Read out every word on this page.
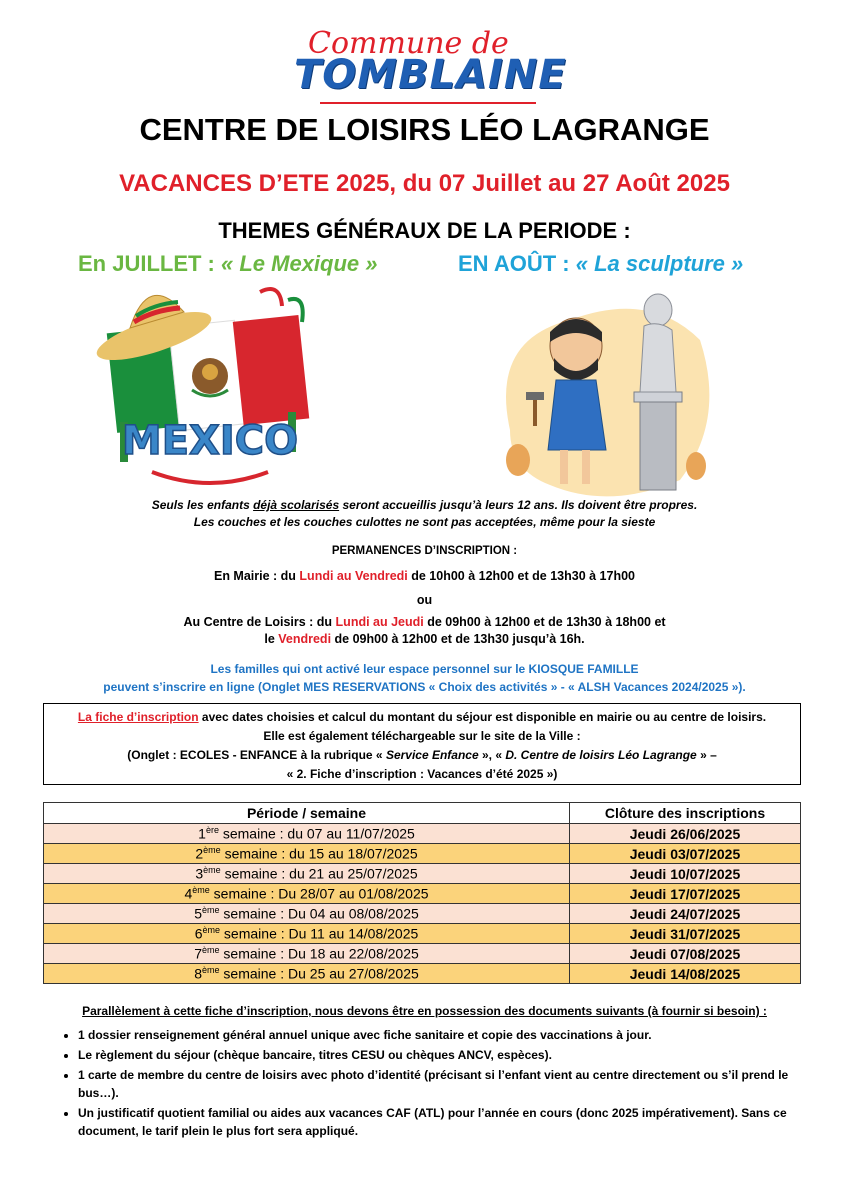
Commune de
TOMBLAINE
CENTRE DE LOISIRS LÉO LAGRANGE
VACANCES D’ETE 2025, du 07 Juillet au 27 Août 2025
THEMES GÉNÉRAUX DE LA PERIODE :
En JUILLET : « Le Mexique »	EN AOÛT : « La sculpture »
MEXICO
Seuls les enfants déjà scolarisés seront accueillis jusqu’à leurs 12 ans. Ils doivent être propres.
Les couches et les couches culottes ne sont pas acceptées, même pour la sieste
PERMANENCES D’INSCRIPTION :
En Mairie : du Lundi au Vendredi de 10h00 à 12h00 et de 13h30 à 17h00
ou
Au Centre de Loisirs : du Lundi au Jeudi de 09h00 à 12h00 et de 13h30 à 18h00 et
le Vendredi de 09h00 à 12h00 et de 13h30 jusqu’à 16h.
Les familles qui ont activé leur espace personnel sur le KIOSQUE FAMILLE
peuvent s’inscrire en ligne (Onglet MES RESERVATIONS « Choix des activités » - « ALSH Vacances 2024/2025 »).
La fiche d’inscription avec dates choisies et calcul du montant du séjour est disponible en mairie ou au centre de loisirs.
Elle est également téléchargeable sur le site de la Ville :
(Onglet : ECOLES - ENFANCE à la rubrique « Service Enfance », « D. Centre de loisirs Léo Lagrange » –
« 2. Fiche d’inscription : Vacances d’été 2025 »)
Période / semaine	Clôture des inscriptions
1ère semaine : du 07 au 11/07/2025	Jeudi 26/06/2025
2ème semaine : du 15 au 18/07/2025	Jeudi 03/07/2025
3ème semaine : du 21 au 25/07/2025	Jeudi 10/07/2025
4ème semaine : Du 28/07 au 01/08/2025	Jeudi 17/07/2025
5ème semaine : Du 04 au 08/08/2025	Jeudi 24/07/2025
6ème semaine : Du 11 au 14/08/2025	Jeudi 31/07/2025
7ème semaine : Du 18 au 22/08/2025	Jeudi 07/08/2025
8ème semaine : Du 25 au 27/08/2025	Jeudi 14/08/2025
Parallèlement à cette fiche d’inscription, nous devons être en possession des documents suivants (à fournir si besoin) :
• 1 dossier renseignement général annuel unique avec fiche sanitaire et copie des vaccinations à jour.
• Le règlement du séjour (chèque bancaire, titres CESU ou chèques ANCV, espèces).
• 1 carte de membre du centre de loisirs avec photo d’identité (précisant si l’enfant vient au centre directement ou s’il prend le bus…).
• Un justificatif quotient familial ou aides aux vacances CAF (ATL) pour l’année en cours (donc 2025 impérativement). Sans ce document, le tarif plein le plus fort sera appliqué.
